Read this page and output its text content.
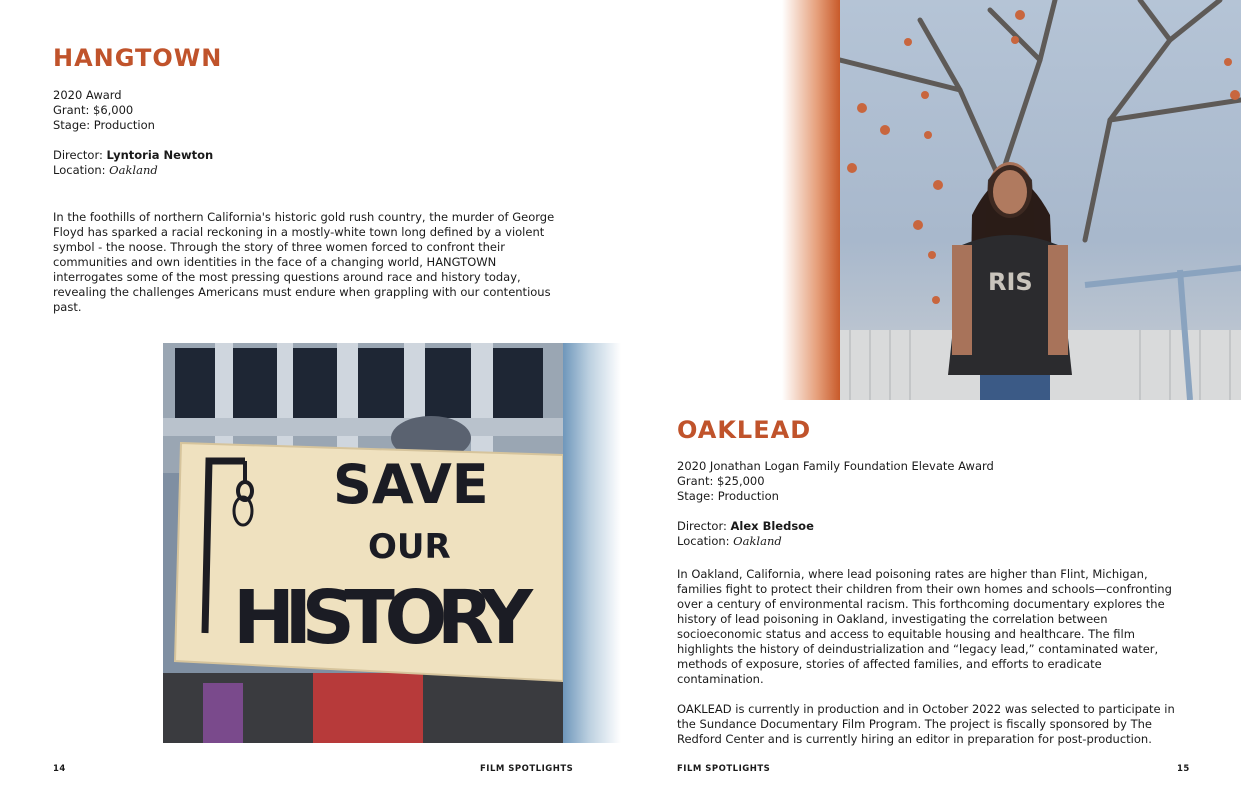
HANGTOWN
2020 Award
Grant: $6,000
Stage: Production
Director: Lyntoria Newton
Location: Oakland

In the foothills of northern California's historic gold rush country, the murder of George Floyd has sparked a racial reckoning in a mostly-white town long defined by a violent symbol - the noose. Through the story of three women forced to confront their communities and own identities in the face of a changing world, HANGTOWN interrogates some of the most pressing questions around race and history today, revealing the challenges Americans must endure when grappling with our contentious past.

SAVE
OUR
HISTORY
RIS
OAKLEAD
2020 Jonathan Logan Family Foundation Elevate Award
Grant: $25,000
Stage: Production
Director: Alex Bledsoe
Location: Oakland

In Oakland, California, where lead poisoning rates are higher than Flint, Michigan, families fight to protect their children from their own homes and schools—confronting over a century of environmental racism. This forthcoming documentary explores the history of lead poisoning in Oakland, investigating the correlation between socioeconomic status and access to equitable housing and healthcare. The film highlights the history of deindustrialization and “legacy lead,” contaminated water, methods of exposure, stories of affected families, and efforts to eradicate contamination.

OAKLEAD is currently in production and in October 2022 was selected to participate in the Sundance Documentary Film Program. The project is fiscally sponsored by The Redford Center and is currently hiring an editor in preparation for post-production.

14	FILM SPOTLIGHTS	FILM SPOTLIGHTS	15
